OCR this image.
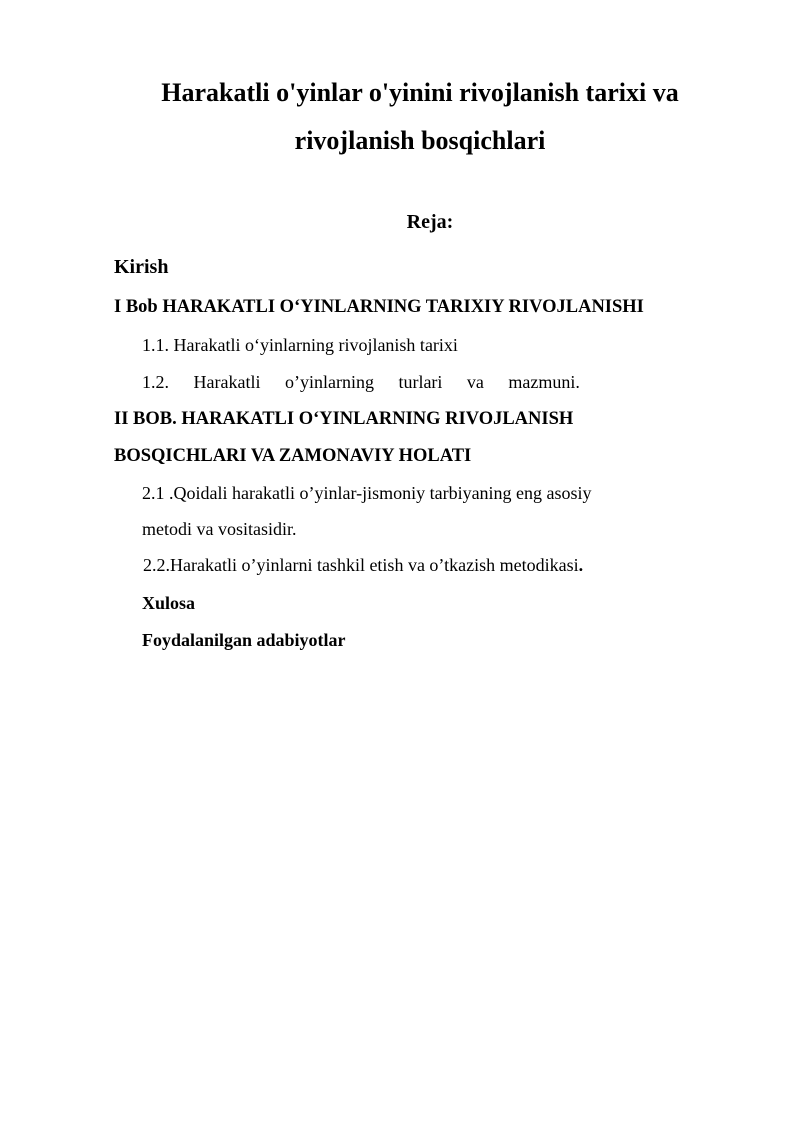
Harakatli o'yinlar o'yinini rivojlanish tarixi va
rivojlanish bosqichlari
Reja:
Kirish
I Bob HARAKATLI O‘YINLARNING TARIXIY RIVOJLANISHI
1.1. Harakatli o‘yinlarning rivojlanish tarixi
1.2. Harakatli o’yinlarning turlari va mazmuni.
II BOB. HARAKATLI O‘YINLARNING RIVOJLANISH
BOSQICHLARI VA ZAMONAVIY HOLATI
2.1 .Qoidali harakatli o’yinlar-jismoniy tarbiyaning eng asosiy
metodi va vositasidir.
2.2.Harakatli o’yinlarni tashkil etish va o’tkazish metodikasi.
Xulosa
Foydalanilgan adabiyotlar
